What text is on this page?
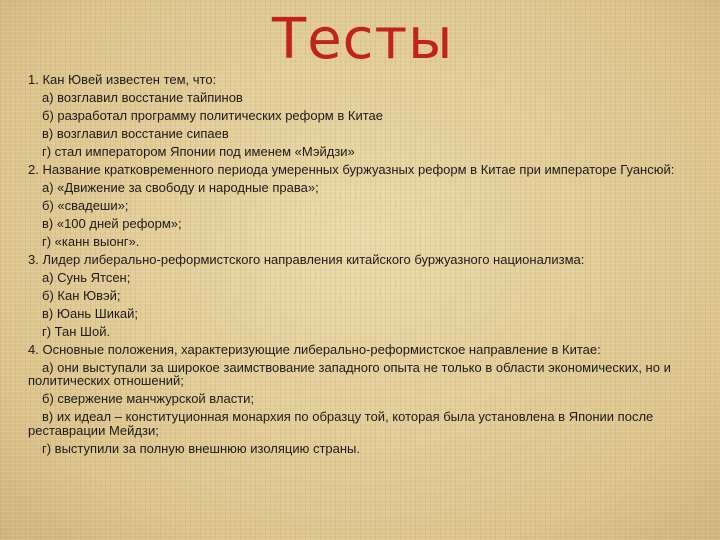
Тесты
1. Кан Ювей известен тем, что:
а) возглавил восстание тайпинов
б) разработал программу политических реформ в Китае
в) возглавил восстание сипаев
г) стал императором Японии под именем «Мэйдзи»
2. Название кратковременного периода умеренных буржуазных реформ в Китае при императоре Гуансюй:
а) «Движение за свободу и народные права»;
б) «свадеши»;
в) «100 дней реформ»;
г) «канн выонг».
3. Лидер либерально-реформистского направления китайского буржуазного национализма:
а) Сунь Ятсен;
б) Кан Ювэй;
в) Юань Шикай;
г) Тан Шой.
4. Основные положения, характеризующие либерально-реформистское направление в Китае:
а) они выступали за широкое заимствование западного опыта не только в области экономических, но и политических отношений;
б) свержение манчжурской власти;
в) их идеал – конституционная монархия по образцу той, которая была установлена в Японии после реставрации Мейдзи;
г) выступили за полную внешнюю изоляцию страны.
